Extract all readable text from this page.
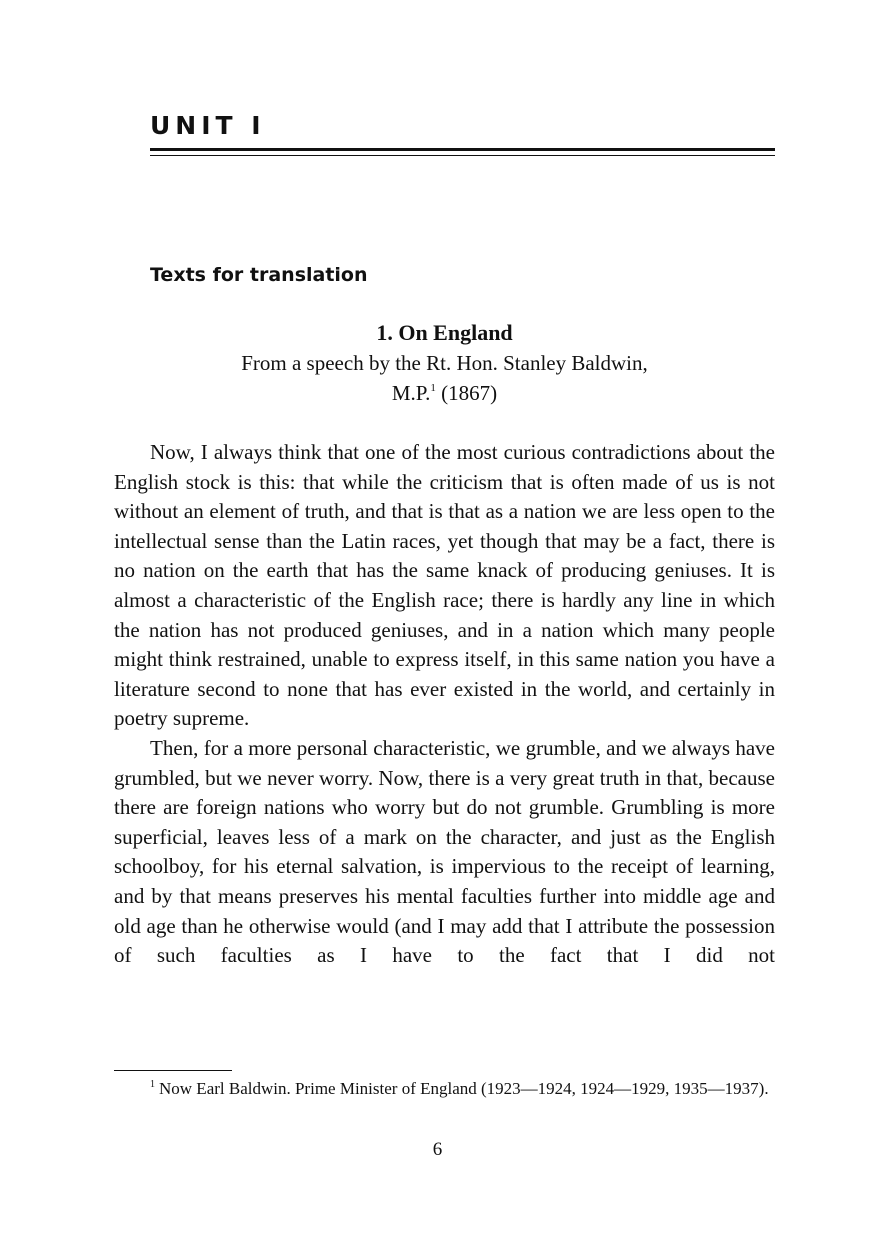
UNIT I
Texts for translation

1. On England

From a speech by the Rt. Hon. Stanley Baldwin,

M.P.$^1$ (1867)

Now, I always think that one of the most curious contradictions about the English stock is this: that while the criticism that is often made of us is not without an element of truth, and that is that as a nation we are less open to the intellectual sense than the Latin races, yet though that may be a fact, there is no nation on the earth that has the same knack of producing geniuses. It is almost a characteristic of the English race; there is hardly any line in which the nation has not produced geniuses, and in a nation which many people might think restrained, unable to express itself, in this same nation you have a literature second to none that has ever existed in the world, and certainly in poetry supreme.

Then, for a more personal characteristic, we grumble, and we always have grumbled, but we never worry. Now, there is a very great truth in that, because there are foreign nations who worry but do not grumble. Grumbling is more superficial, leaves less of a mark on the character, and just as the English schoolboy, for his eternal salvation, is impervious to the receipt of learning, and by that means preserves his mental faculties further into middle age and old age than he otherwise would (and I may add that I attribute the possession of such faculties as I have to the fact that I did not

$^1$ Now Earl Baldwin. Prime Minister of England (1923—1924, 1924—1929, 1935—1937).

6
